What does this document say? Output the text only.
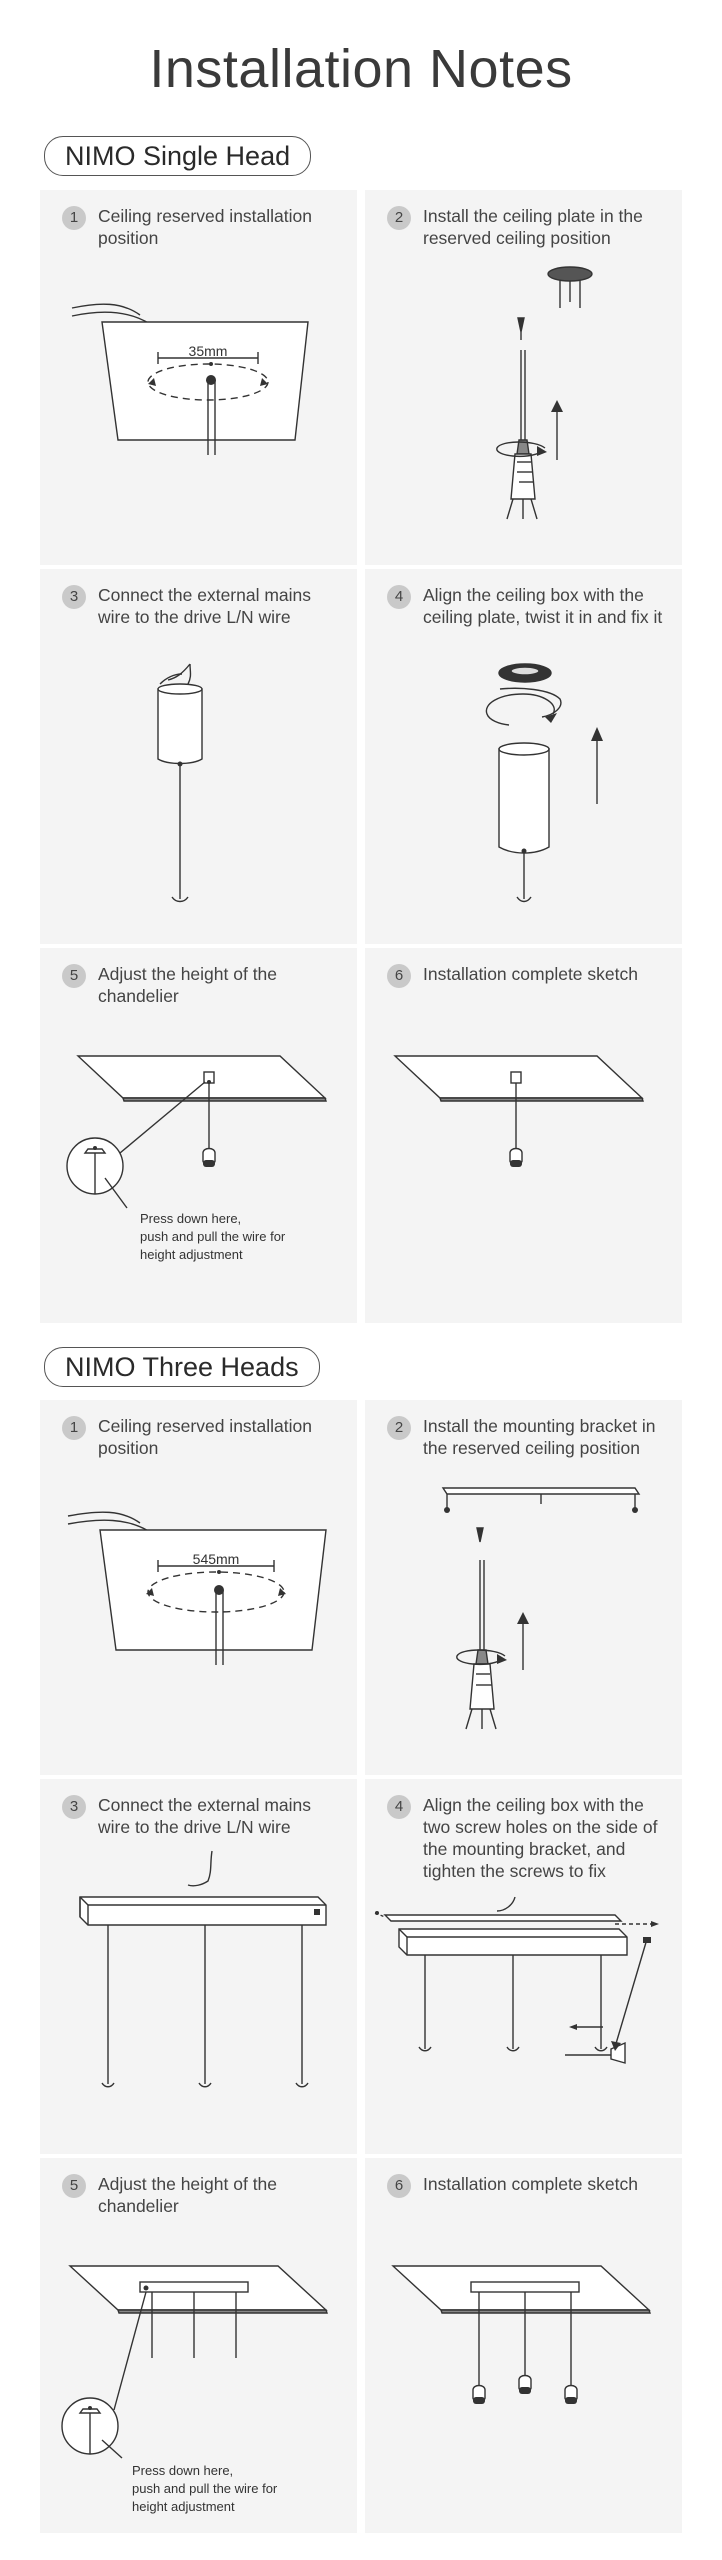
Installation Notes
NIMO Single Head
1	Ceiling reserved installation position
35mm
2	Install the ceiling plate in the reserved ceiling position
3	Connect the external mains wire to the drive L/N wire
4	Align the ceiling box with the ceiling plate, twist it in and fix it
5	Adjust the height of the chandelier
Press down here,
push and pull the wire for
height adjustment
6	Installation complete sketch
NIMO Three Heads
1	Ceiling reserved installation position
545mm
2	Install the mounting bracket in the reserved ceiling position
3	Connect the external mains wire to the drive L/N wire
4	Align the ceiling box with the two screw holes on the side of the mounting bracket, and tighten the screws to fix
5	Adjust the height of the chandelier
Press down here,
push and pull the wire for
height adjustment
6	Installation complete sketch
